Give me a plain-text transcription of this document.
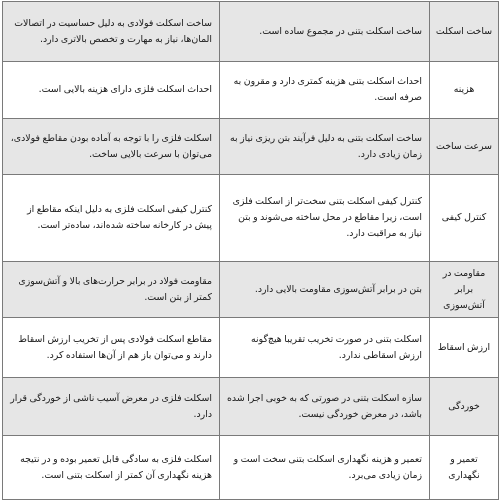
ساخت اسکلت	ساخت اسکلت بتنی در مجموع ساده است.	ساخت اسکلت فولادی به دلیل حساسیت در اتصالات المان‌ها، نیاز به مهارت و تخصص بالاتری دارد.
هزینه	احداث اسکلت بتنی هزینه کمتری دارد و مقرون به صرفه است.	احداث اسکلت فلزی دارای هزینه بالایی است.
سرعت ساخت	ساخت اسکلت بتنی به دلیل فرآیند بتن ریزی نیاز به زمان زیادی دارد.	اسکلت فلزی را با توجه به آماده بودن مقاطع فولادی، می‌توان با سرعت بالایی ساخت.
کنترل کیفی	کنترل کیفی اسکلت بتنی سخت‌تر از اسکلت فلزی است، زیرا مقاطع در محل ساخته می‌شوند و بتن نیاز به مراقبت دارد.	کنترل کیفی اسکلت فلزی به دلیل اینکه مقاطع از پیش در کارخانه ساخته شده‌اند، ساده‌تر است.
مقاومت در برابر آتش‌سوزی	بتن در برابر آتش‌سوزی مقاومت بالایی دارد.	مقاومت فولاد در برابر حرارت‌های بالا و آتش‌سوزی کمتر از بتن است.
ارزش اسقاط	اسکلت بتنی در صورت تخریب تقریبا هیچ‌گونه ارزش اسقاطی ندارد.	مقاطع اسکلت فولادی پس از تخریب ارزش اسقاط دارند و می‌توان باز هم از آن‌ها استفاده کرد.
خوردگی	سازه اسکلت بتنی در صورتی که به خوبی اجرا شده باشد، در معرض خوردگی نیست.	اسکلت فلزی در معرض آسیب ناشی از خوردگی قرار دارد.
تعمیر و نگهداری	تعمیر و هزینه نگهداری اسکلت بتنی سخت است و زمان زیادی می‌برد.	اسکلت فلزی به سادگی قابل تعمیر بوده و در نتیجه هزینه نگهداری آن کمتر از اسکلت بتنی است.
